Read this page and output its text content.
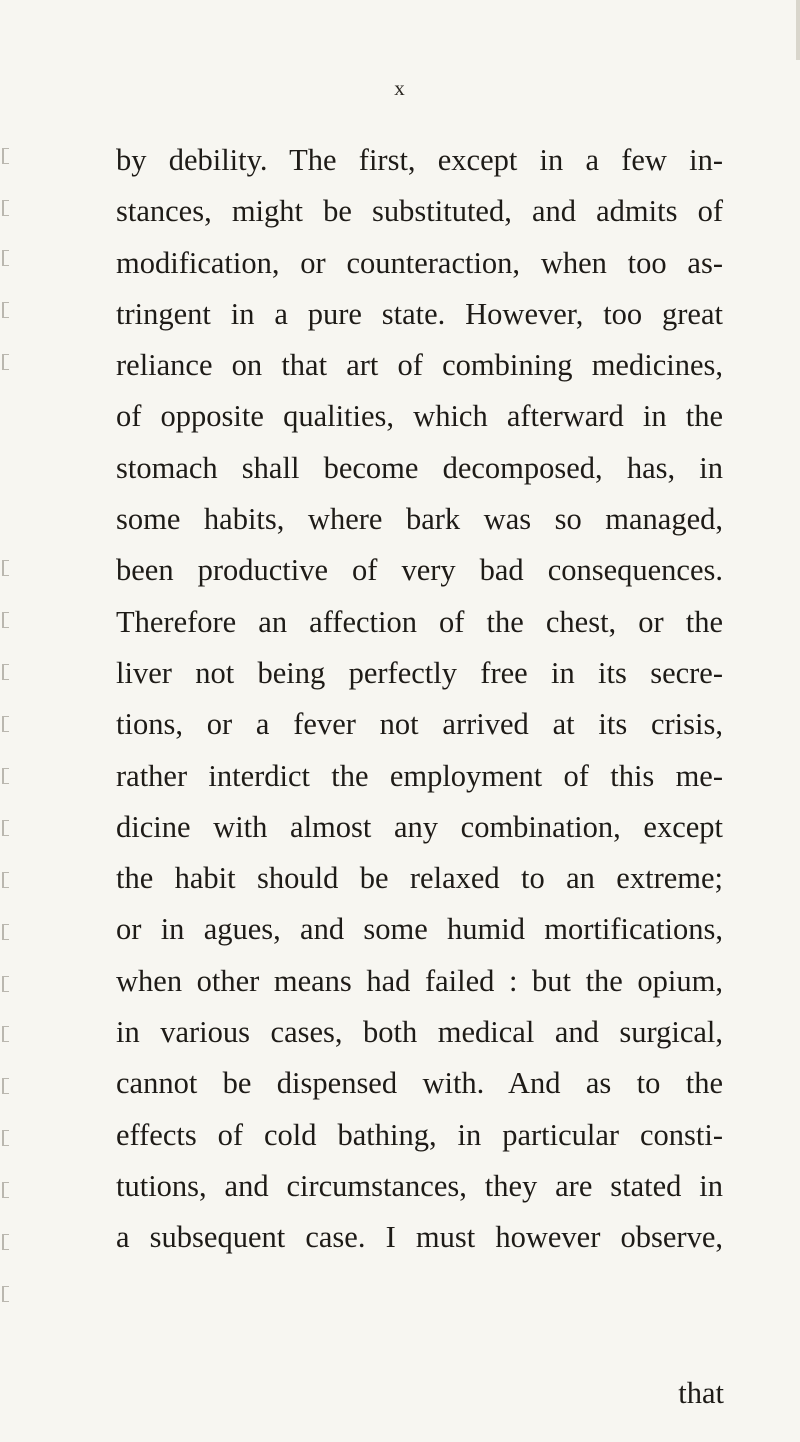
x
by debility. The first, except in a few in-
stances, might be substituted, and admits of
modification, or counteraction, when too as-
tringent in a pure state. However, too great
reliance on that art of combining medicines,
of opposite qualities, which afterward in the
stomach shall become decomposed, has, in
some habits, where bark was so managed,
been productive of very bad consequences.
Therefore an affection of the chest, or the
liver not being perfectly free in its secre-
tions, or a fever not arrived at its crisis,
rather interdict the employment of this me-
dicine with almost any combination, except
the habit should be relaxed to an extreme;
or in agues, and some humid mortifications,
when other means had failed : but the opium,
in various cases, both medical and surgical,
cannot be dispensed with. And as to the
effects of cold bathing, in particular consti-
tutions, and circumstances, they are stated in
a subsequent case. I must however observe,
that
